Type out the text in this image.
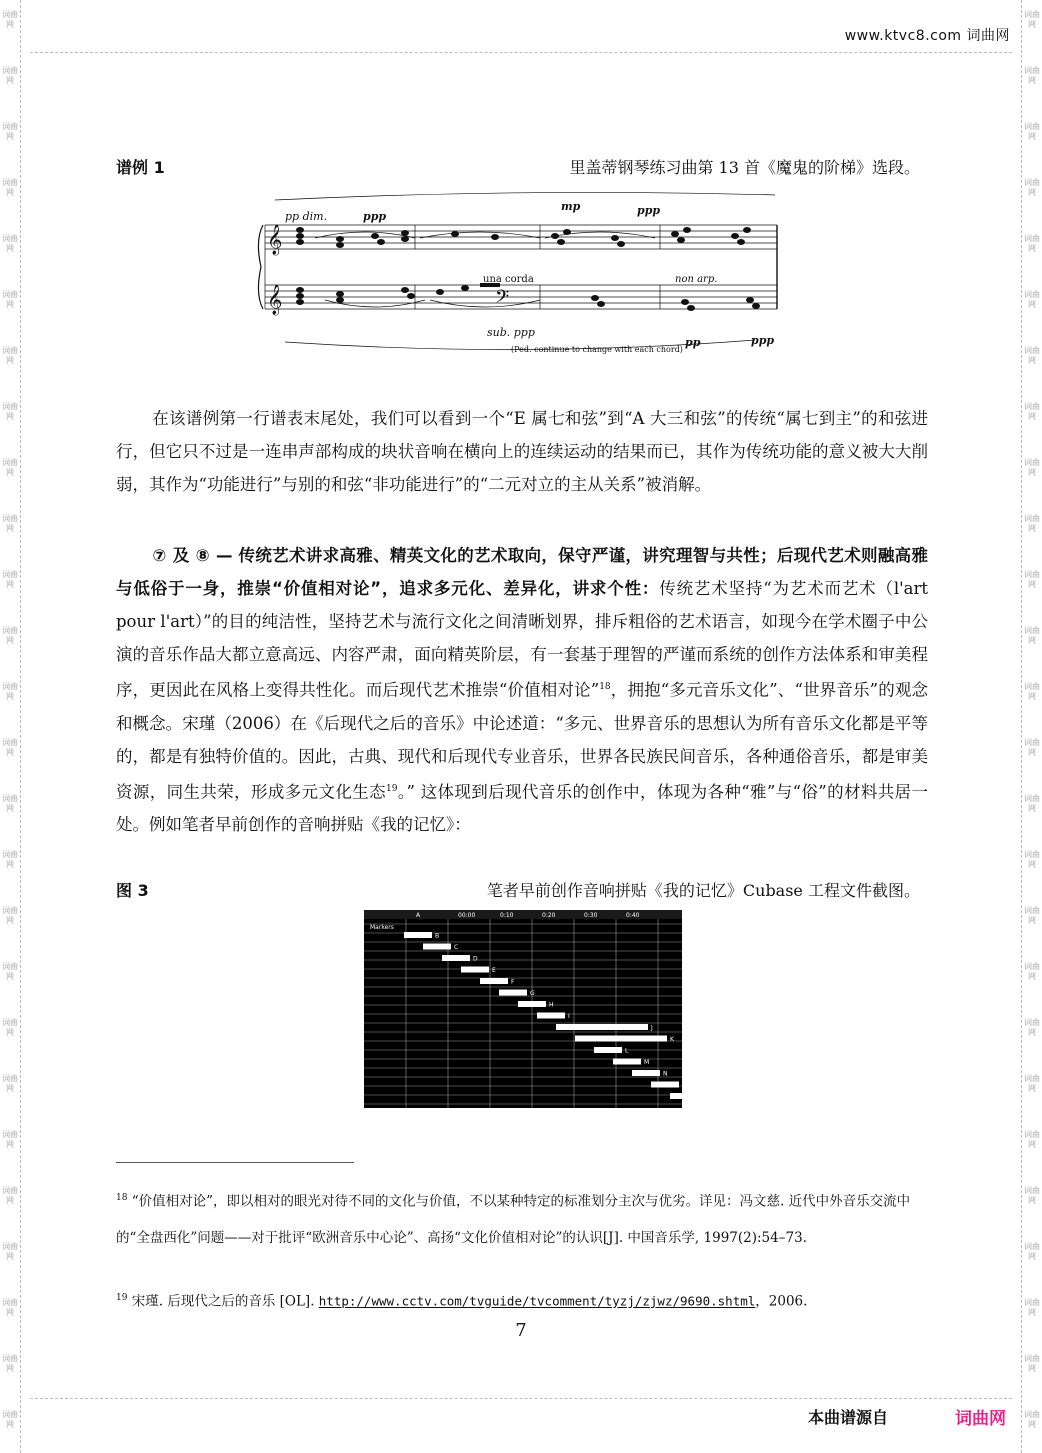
词曲网
词曲网
词曲网
词曲网
词曲网
词曲网
词曲网
词曲网
词曲网
词曲网
词曲网
词曲网
词曲网
词曲网
词曲网
词曲网
词曲网
词曲网
词曲网
词曲网
词曲网
词曲网
词曲网
词曲网
词曲网
词曲网
词曲网
词曲网
词曲网
词曲网
词曲网
词曲网
词曲网
词曲网
词曲网
词曲网
词曲网
词曲网
词曲网
词曲网
词曲网
词曲网
词曲网
词曲网
词曲网
词曲网
词曲网
词曲网
词曲网
词曲网
词曲网
词曲网
www.ktvc8.com 词曲网
谱例 1	里盖蒂钢琴练习曲第 13 首《魔鬼的阶梯》选段。
𝄞
𝄞	𝄢
pp dim.	ppp
mp	ppp
una corda	non arp.
sub. ppp
pp	ppp
(Ped. continue to change with each chord)

在该谱例第一行谱表末尾处，我们可以看到一个“E 属七和弦”到“A 大三和弦”的传统“属七到主”的和弦进行，但它只不过是一连串声部构成的块状音响在横向上的连续运动的结果而已，其作为传统功能的意义被大大削弱，其作为“功能进行”与别的和弦“非功能进行”的“二元对立的主从关系”被消解。

⑦ 及 ⑧ — 传统艺术讲求高雅、精英文化的艺术取向，保守严谨，讲究理智与共性；后现代艺术则融高雅与低俗于一身，推崇“价值相对论”，追求多元化、差异化，讲求个性：传统艺术坚持“为艺术而艺术（l'art pour l'art）”的目的纯洁性，坚持艺术与流行文化之间清晰划界，排斥粗俗的艺术语言，如现今在学术圈子中公演的音乐作品大都立意高远、内容严肃，面向精英阶层，有一套基于理智的严谨而系统的创作方法体系和审美程序，更因此在风格上变得共性化。而后现代艺术推崇“价值相对论”$^{18}$，拥抱“多元音乐文化”、“世界音乐”的观念和概念。宋瑾（2006）在《后现代之后的音乐》中论述道：“多元、世界音乐的思想认为所有音乐文化都是平等的，都是有独特价值的。因此，古典、现代和后现代专业音乐，世界各民族民间音乐，各种通俗音乐，都是审美资源，同生共荣，形成多元文化生态$^{19}$。” 这体现到后现代音乐的创作中，体现为各种“雅”与“俗”的材料共居一处。例如笔者早前创作的音响拼贴《我的记忆》：

图 3	笔者早前创作音响拼贴《我的记忆》Cubase 工程文件截图。
B
C
D
E
F
G
H
I
J
K
L
M
N
O
P
Markers
A	00:00	0:10	0:20	0:30	0:40

$^{18}$ “价值相对论”，即以相对的眼光对待不同的文化与价值，不以某种特定的标准划分主次与优劣。详见：冯文慈. 近代中外音乐交流中的“全盘西化”问题——对于批评“欧洲音乐中心论”、高扬“文化价值相对论”的认识[J]. 中国音乐学, 1997(2):54–73.

$^{19}$ 宋瑾. 后现代之后的音乐 [OL]. http://www.cctv.com/tvguide/tvcomment/tyzj/zjwz/9690.shtml，2006.

7
本曲谱源自	词曲网
